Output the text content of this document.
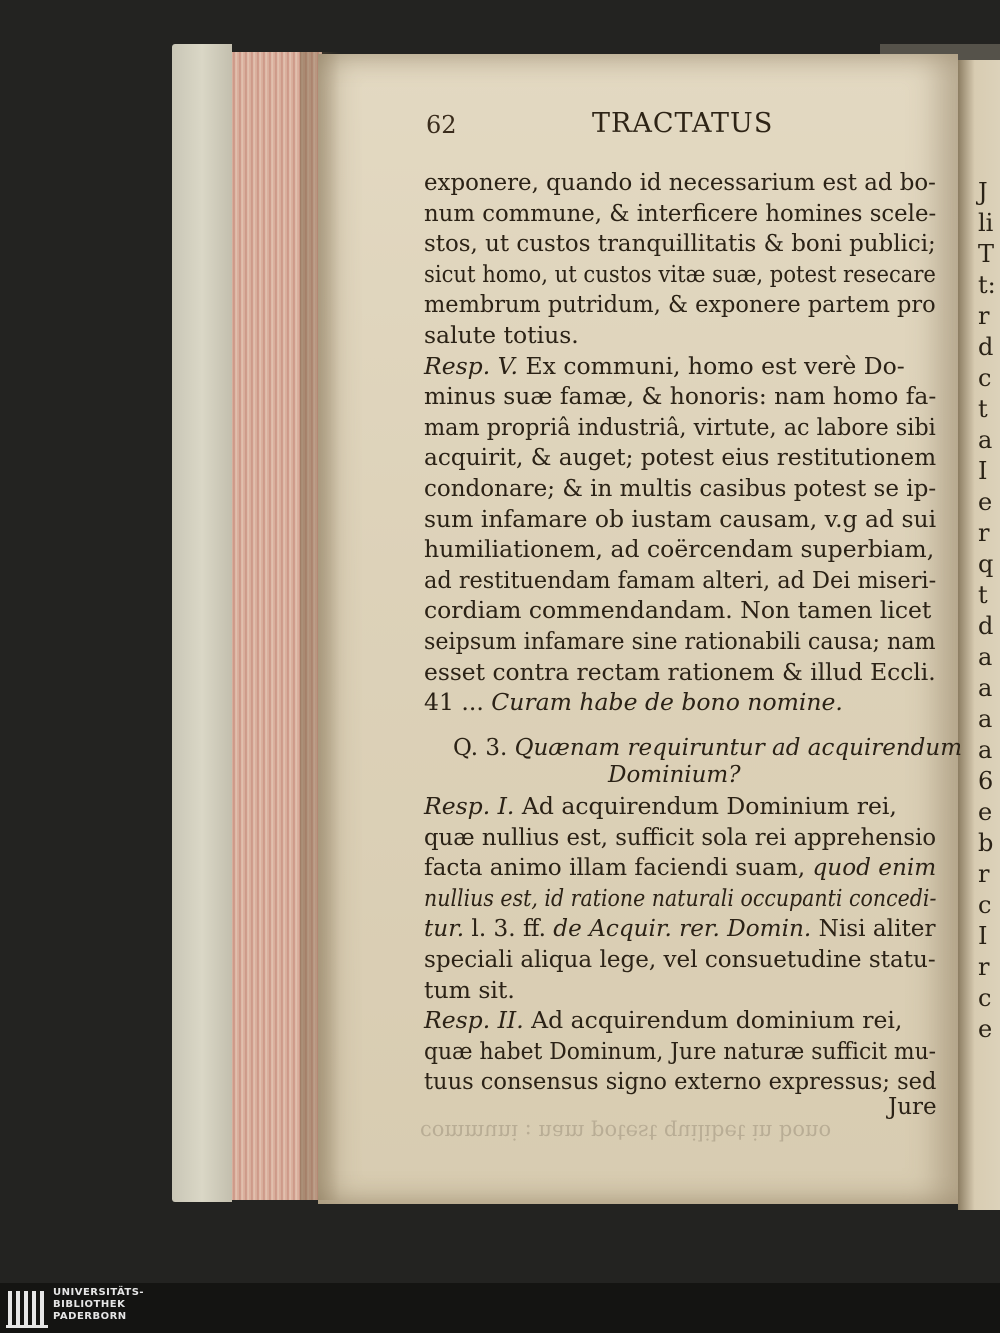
J
li
T
t:
r
d
c
t
a
I
e
r
q
t
d
a
a
a
a
6
e
b
r
c
I
r
c
e
62	TRACTATUS
exponere, quando id necessarium est ad bo-
num commune, & interficere homines scele-
stos, ut custos tranquillitatis & boni publici;
sicut homo, ut custos vitæ suæ, potest resecare
membrum putridum, & exponere partem pro
salute totius.
Resp. V. Ex communi, homo est verè Do-
minus suæ famæ, & honoris: nam homo fa-
mam propriâ industriâ, virtute, ac labore sibi
acquirit, & auget; potest eius restitutionem
condonare; & in multis casibus potest se ip-
sum infamare ob iustam causam, v.g ad sui
humiliationem, ad coërcendam superbiam,
ad restituendam famam alteri, ad Dei miseri-
cordiam commendandam. Non tamen licet
seipsum infamare sine rationabili causa; nam
esset contra rectam rationem & illud Eccli.
41 ... Curam habe de bono nomine.
Q. 3. Quænam requiruntur ad acquirendum
Dominium?
Resp. I. Ad acquirendum Dominium rei,
quæ nullius est, sufficit sola rei apprehensio
facta animo illam faciendi suam, quod enim
nullius est, id ratione naturali occupanti concedi-
tur. l. 3. ff. de Acquir. rer. Domin. Nisi aliter
speciali aliqua lege, vel consuetudine statu-
tum sit.
Resp. II. Ad acquirendum dominium rei,
quæ habet Dominum, Jure naturæ sufficit mu-
tuus consensus signo externo expressus; sed
Jure
communi : nam potest quilibet in bono
UNIVERSITÄTS-
BIBLIOTHEK
PADERBORN
